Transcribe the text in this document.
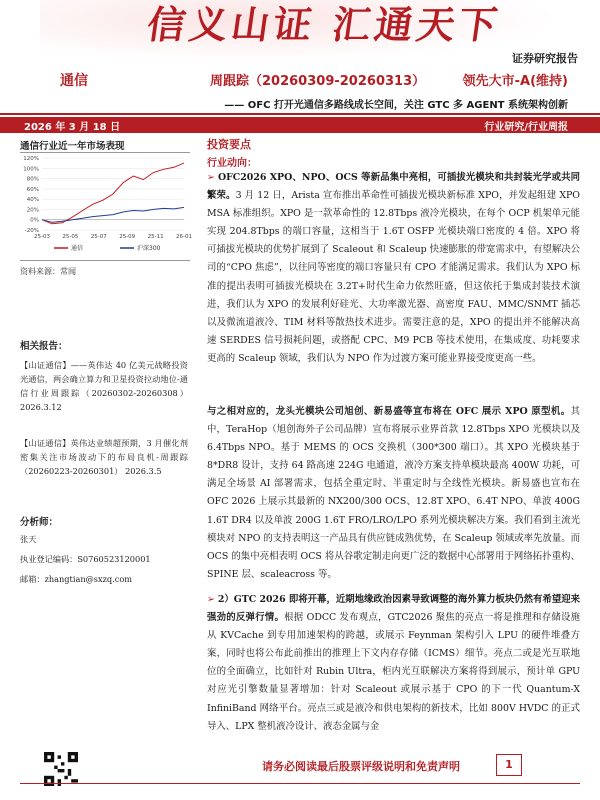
信义山证 汇通天下
证券研究报告
通信	周跟踪（20260309-20260313）	领先大市-A(维持)
—— OFC 打开光通信多路线成长空间，关注 GTC 多 AGENT 系统架构创新
2026 年 3 月 18 日	行业研究/行业周报
通信行业近一年市场表现
120%
100%
80%
60%
40%
20%
0%
-20%
25-03 25-05 25-07 25-09 25-11 26-01
通信	沪深300
资料来源：常闻
相关报告：
【山证通信】——英伟达 40 亿美元战略投资光通信，两会确立算力和卫星投资拉动地位-通信行业周跟踪（20260302-20260308） 2026.3.12
【山证通信】英伟达业绩超预期，3 月催化剂密集关注市场波动下的布局良机-周跟踪（20260223-20260301） 2026.3.5
分析师：
张天
执业登记编码：S0760523120001
邮箱：zhangtian@sxzq.com
投资要点
行业动向：
➢ OFC2026 XPO、NPO、OCS 等新品集中亮相，可插拔光模块和共封装光学或共同繁荣。3 月 12 日，Arista 宣布推出革命性可插拔光模块新标准 XPO，并发起组建 XPO MSA 标准组织。XPO 是一款革命性的 12.8Tbps 液冷光模块，在每个 OCP 机架单元能实现 204.8Tbps 的端口容量，这相当于 1.6T OSFP 光模块端口密度的 4 倍。XPO 将可插拔光模块的优势扩展到了 Scaleout 和 Scaleup 快速膨胀的带宽需求中，有望解决公司的“CPO 焦虑”，以往同等密度的端口容量只有 CPO 才能满足需求。我们认为 XPO 标准的提出表明可插拔光模块在 3.2T+时代生命力依然旺盛，但这依托于集成封装技术演进，我们认为 XPO 的发展利好硅光、大功率激光器、高密度 FAU、MMC/SNMT 插芯以及微流道液冷、TIM 材料等散热技术进步。需要注意的是，XPO 的提出并不能解决高速 SERDES 信号损耗问题，或搭配 CPC、M9 PCB 等技术使用，在集成度、功耗要求更高的 Scaleup 领域，我们认为 NPO 作为过渡方案可能业界接受度更高一些。
与之相对应的，龙头光模块公司旭创、新易盛等宣布将在 OFC 展示 XPO 原型机。其中，TeraHop（旭创海外子公司品牌）宣布将展示业界首款 12.8Tbps XPO 光模块以及 6.4Tbps NPO。基于 MEMS 的 OCS 交换机（300*300 端口）。其 XPO 光模块基于 8*DR8 设计，支持 64 路高速 224G 电通道，液冷方案支持单模块最高 400W 功耗，可满足全场景 AI 部署需求，包括全重定时、半重定时与全线性光模块。新易盛也宣布在 OFC 2026 上展示其最新的 NX200/300 OCS、12.8T XPO、6.4T NPO、单波 400G 1.6T DR4 以及单波 200G 1.6T FRO/LRO/LPO 系列光模块解决方案。我们看到主流光模块对 NPO 的支持表明这一产品具有供应链成熟优势，在 Scaleup 领域或率先放量。而 OCS 的集中亮相表明 OCS 将从谷歌定制走向更广泛的数据中心部署用于网络拓扑重构、SPINE 层、scaleacross 等。
➢ 2）GTC 2026 即将开幕，近期地缘政治因素导致调整的海外算力板块仍然有希望迎来强劲的反弹行情。根据 ODCC 发布观点，GTC2026 聚焦的亮点一将是推理和存储设施从 KVCache 到专用加速架构的跨越，或展示 Feynman 架构引入 LPU 的硬件堆叠方案，同时也将公布此前推出的推理上下文内存存储（ICMS）细节。亮点二或是光互联地位的全面确立，比如针对 Rubin Ultra，柜内光互联解决方案将得到展示，预计单 GPU 对应光引擎数量显著增加：针对 Scaleout 或展示基于 CPO 的下一代 Quantum-X InfiniBand 网络平台。亮点三或是液冷和供电架构的新技术，比如 800V HVDC 的正式导入、LPX 整机液冷设计、液态金属与金
请务必阅读最后股票评级说明和免责声明	1
